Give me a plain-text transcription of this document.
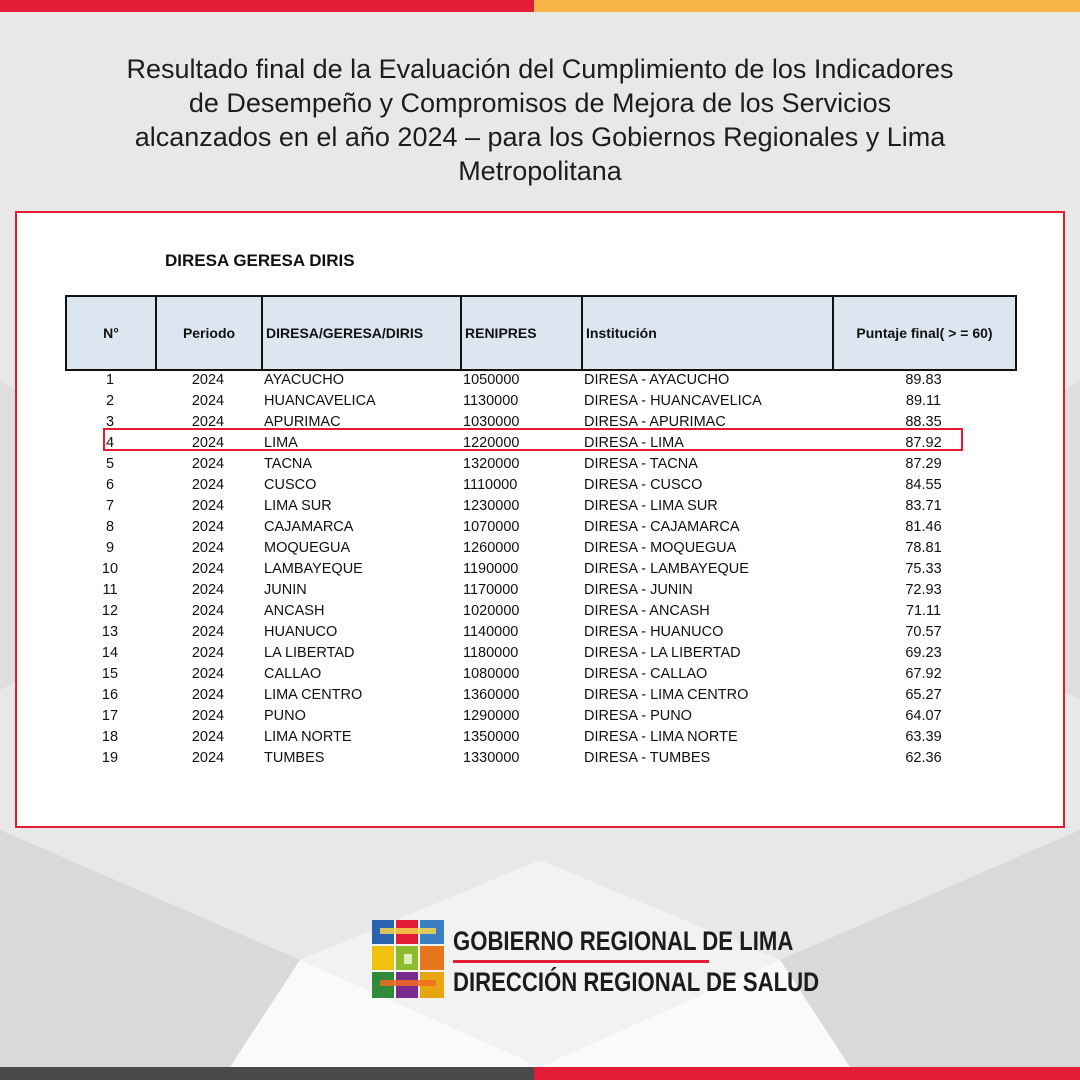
Resultado final de la Evaluación del Cumplimiento de los Indicadores
de Desempeño y Compromisos de Mejora de los Servicios
alcanzados en el año 2024 – para los Gobiernos Regionales y Lima
Metropolitana
DIRESA GERESA DIRIS
N°	Periodo	DIRESA/GERESA/DIRIS	RENIPRES	Institución	Puntaje final( > = 60)
1	2024	AYACUCHO	1050000	DIRESA - AYACUCHO	89.83
2	2024	HUANCAVELICA	1130000	DIRESA - HUANCAVELICA	89.11
3	2024	APURIMAC	1030000	DIRESA - APURIMAC	88.35
4	2024	LIMA	1220000	DIRESA - LIMA	87.92
5	2024	TACNA	1320000	DIRESA - TACNA	87.29
6	2024	CUSCO	1110000	DIRESA - CUSCO	84.55
7	2024	LIMA SUR	1230000	DIRESA - LIMA SUR	83.71
8	2024	CAJAMARCA	1070000	DIRESA - CAJAMARCA	81.46
9	2024	MOQUEGUA	1260000	DIRESA - MOQUEGUA	78.81
10	2024	LAMBAYEQUE	1190000	DIRESA - LAMBAYEQUE	75.33
11	2024	JUNIN	1170000	DIRESA - JUNIN	72.93
12	2024	ANCASH	1020000	DIRESA - ANCASH	71.11
13	2024	HUANUCO	1140000	DIRESA - HUANUCO	70.57
14	2024	LA LIBERTAD	1180000	DIRESA - LA LIBERTAD	69.23
15	2024	CALLAO	1080000	DIRESA - CALLAO	67.92
16	2024	LIMA CENTRO	1360000	DIRESA - LIMA CENTRO	65.27
17	2024	PUNO	1290000	DIRESA - PUNO	64.07
18	2024	LIMA NORTE	1350000	DIRESA - LIMA NORTE	63.39
19	2024	TUMBES	1330000	DIRESA - TUMBES	62.36
GOBIERNO REGIONAL DE LIMA
DIRECCIÓN REGIONAL DE SALUD
